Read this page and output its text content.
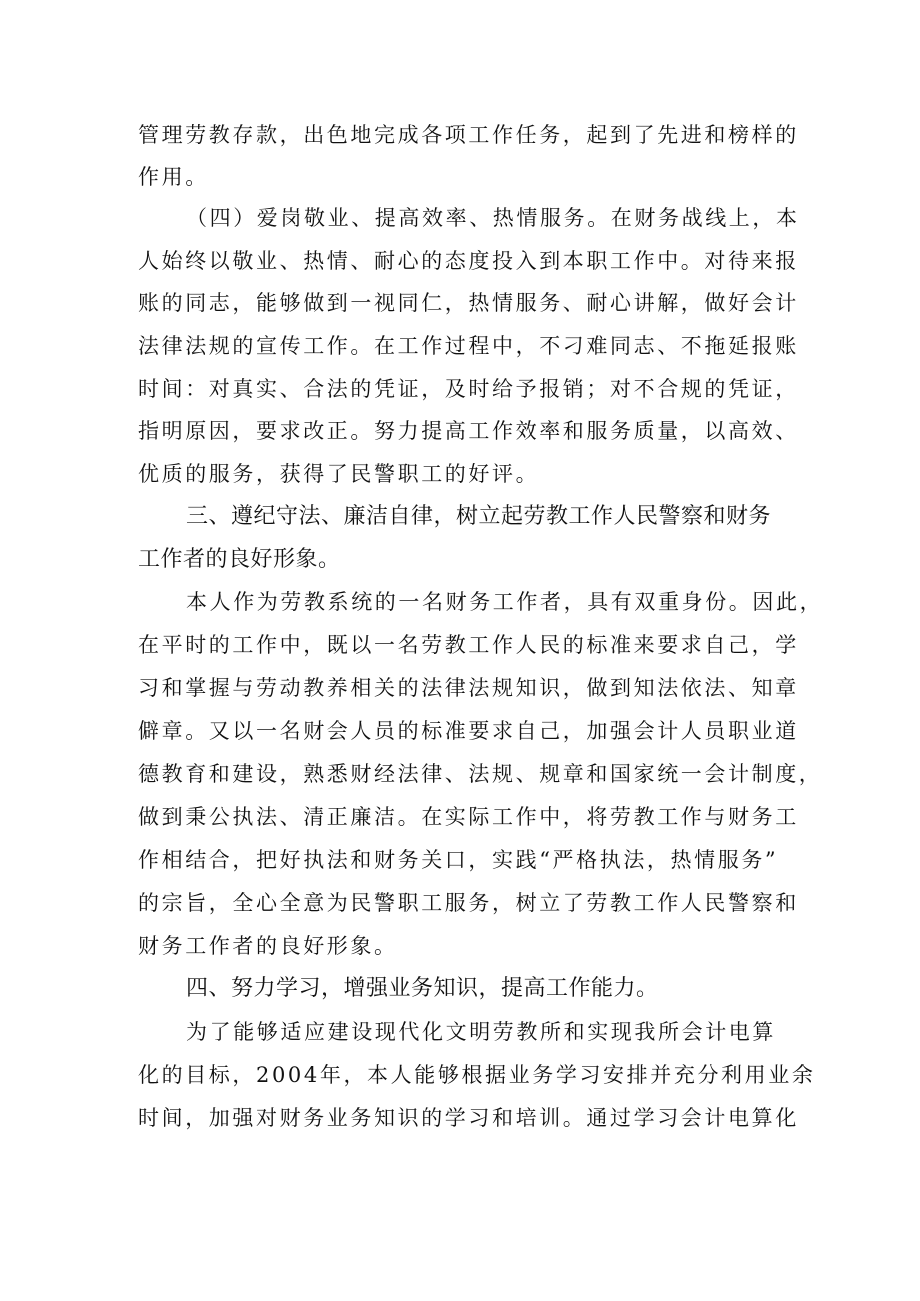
管理劳教存款，出色地完成各项工作任务，起到了先进和榜样的
作用。
（四）爱岗敬业、提高效率、热情服务。在财务战线上，本
人始终以敬业、热情、耐心的态度投入到本职工作中。对待来报
账的同志，能够做到一视同仁，热情服务、耐心讲解，做好会计
法律法规的宣传工作。在工作过程中，不刁难同志、不拖延报账
时间：对真实、合法的凭证，及时给予报销；对不合规的凭证，
指明原因，要求改正。努力提高工作效率和服务质量，以高效、
优质的服务，获得了民警职工的好评。
三、遵纪守法、廉洁自律，树立起劳教工作人民警察和财务
工作者的良好形象。
本人作为劳教系统的一名财务工作者，具有双重身份。因此，
在平时的工作中，既以一名劳教工作人民的标准来要求自己，学
习和掌握与劳动教养相关的法律法规知识，做到知法依法、知章
僻章。又以一名财会人员的标准要求自己，加强会计人员职业道
德教育和建设，熟悉财经法律、法规、规章和国家统一会计制度，
做到秉公执法、清正廉洁。在实际工作中，将劳教工作与财务工
作相结合，把好执法和财务关口，实践“严格执法，热情服务”
的宗旨，全心全意为民警职工服务，树立了劳教工作人民警察和
财务工作者的良好形象。
四、努力学习，增强业务知识，提高工作能力。
为了能够适应建设现代化文明劳教所和实现我所会计电算
化的目标，2004年，本人能够根据业务学习安排并充分利用业余
时间，加强对财务业务知识的学习和培训。通过学习会计电算化
